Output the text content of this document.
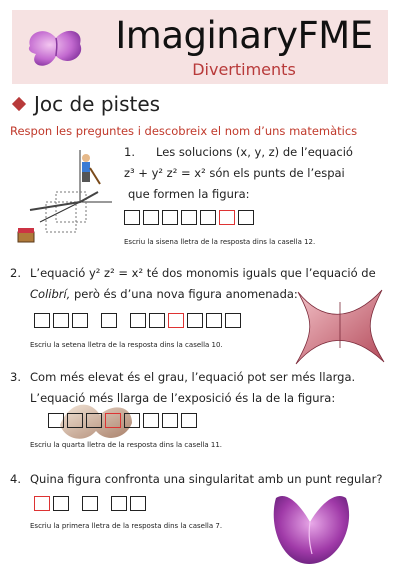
ImaginaryFME
Divertiments
Joc de pistes
Respon les preguntes i descobreix el nom d’uns matemàtics
1. Les solucions (x, y, z) de l’equació
z³ + y² z² = x² són els punts de l’espai
que formen la figura:
Escriu la sisena lletra de la resposta dins la casella 12.
2. L’equació y² z² = x² té dos monomis iguals que l’equació de
Colibrí, però és d’una nova figura anomenada:
Escriu la setena lletra de la resposta dins la casella 10.
3. Com més elevat és el grau, l’equació pot ser més llarga.
L’equació més llarga de l’exposició és la de la figura:
Escriu la quarta lletra de la resposta dins la casella 11.
4. Quina figura confronta una singularitat amb un punt regular?
Escriu la primera lletra de la resposta dins la casella 7.
